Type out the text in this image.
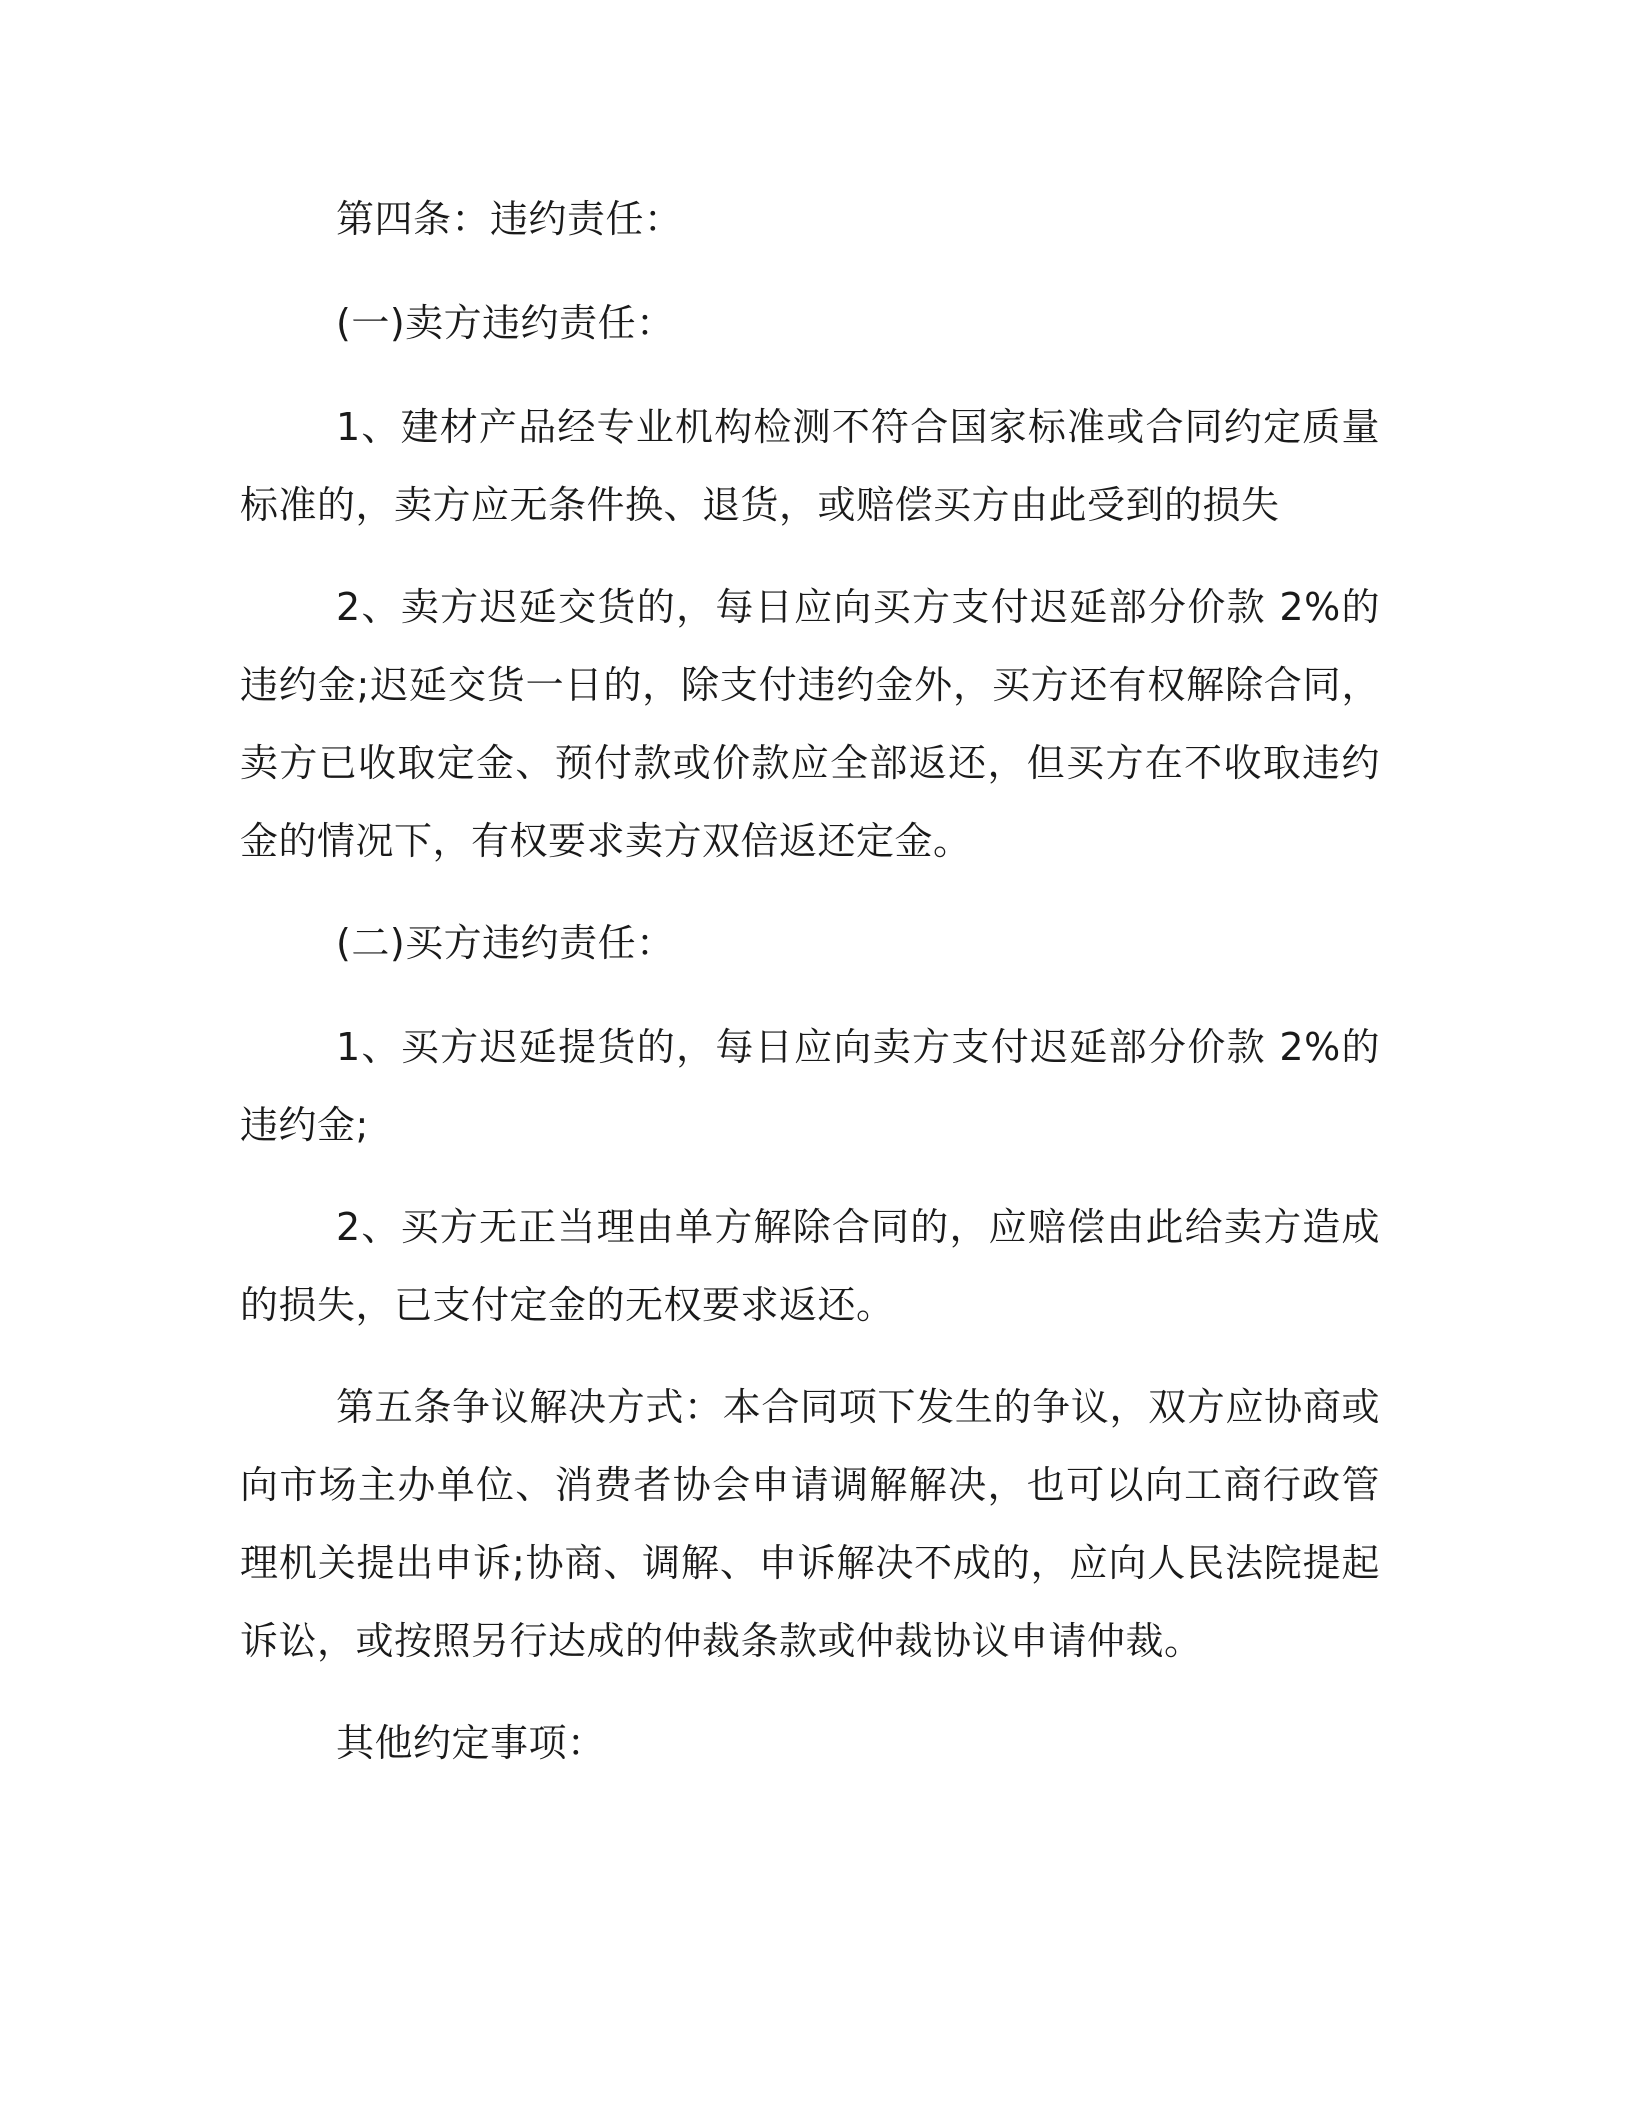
第四条：违约责任：

(一)卖方违约责任：

1、建材产品经专业机构检测不符合国家标准或合同约定质量标准的，卖方应无条件换、退货，或赔偿买方由此受到的损失

2、卖方迟延交货的，每日应向买方支付迟延部分价款 2%的违约金;迟延交货一日的，除支付违约金外，买方还有权解除合同，卖方已收取定金、预付款或价款应全部返还，但买方在不收取违约金的情况下，有权要求卖方双倍返还定金。

(二)买方违约责任：

1、买方迟延提货的，每日应向卖方支付迟延部分价款 2%的违约金;

2、买方无正当理由单方解除合同的，应赔偿由此给卖方造成的损失，已支付定金的无权要求返还。

第五条争议解决方式：本合同项下发生的争议，双方应协商或向市场主办单位、消费者协会申请调解解决，也可以向工商行政管理机关提出申诉;协商、调解、申诉解决不成的，应向人民法院提起诉讼，或按照另行达成的仲裁条款或仲裁协议申请仲裁。

其他约定事项：
